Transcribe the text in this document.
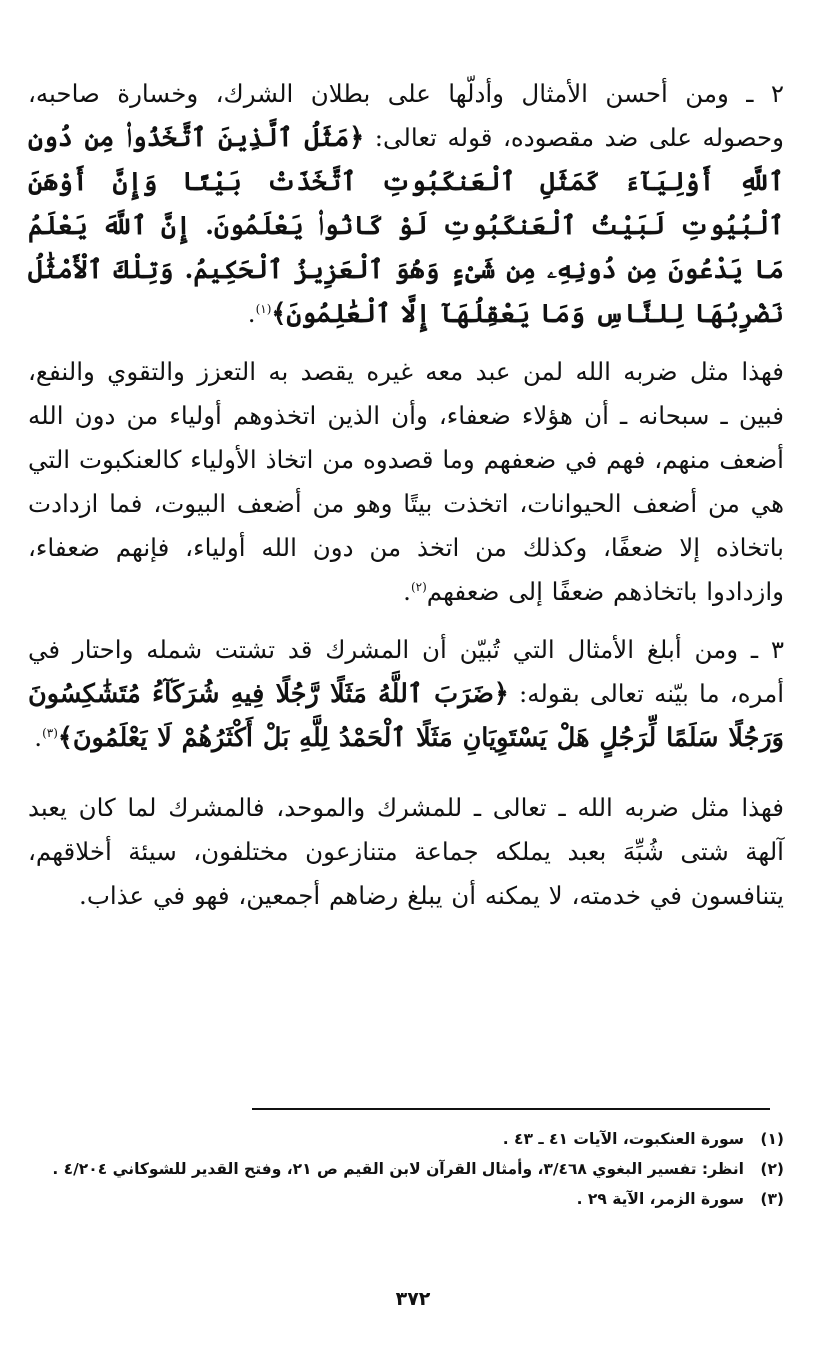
٢ ـ ومن أحسن الأمثال وأدلّها على بطلان الشرك، وخسارة صاحبه، وحصوله على ضد مقصوده، قوله تعالى: ﴿مَثَلُ ٱلَّذِينَ ٱتَّخَذُوا۟ مِن دُونِ ٱللَّهِ أَوْلِيَآءَ كَمَثَلِ ٱلْعَنكَبُوتِ ٱتَّخَذَتْ بَيْتًا وَإِنَّ أَوْهَنَ ٱلْبُيُوتِ لَبَيْتُ ٱلْعَنكَبُوتِ لَوْ كَانُوا۟ يَعْلَمُونَ. إِنَّ ٱللَّهَ يَعْلَمُ مَا يَدْعُونَ مِن دُونِهِۦ مِن شَىْءٍ وَهُوَ ٱلْعَزِيزُ ٱلْحَكِيمُ. وَتِلْكَ ٱلْأَمْثَٰلُ نَضْرِبُهَا لِلنَّاسِ وَمَا يَعْقِلُهَآ إِلَّا ٱلْعَٰلِمُونَ﴾$^{(١)}$.

فهذا مثل ضربه الله لمن عبد معه غيره يقصد به التعزز والتقوي والنفع، فبين ـ سبحانه ـ أن هؤلاء ضعفاء، وأن الذين اتخذوهم أولياء من دون الله أضعف منهم، فهم في ضعفهم وما قصدوه من اتخاذ الأولياء كالعنكبوت التي هي من أضعف الحيوانات، اتخذت بيتًا وهو من أضعف البيوت، فما ازدادت باتخاذه إلا ضعفًا، وكذلك من اتخذ من دون الله أولياء، فإنهم ضعفاء، وازدادوا باتخاذهم ضعفًا إلى ضعفهم$^{(٢)}$.

٣ ـ ومن أبلغ الأمثال التي تُبيّن أن المشرك قد تشتت شمله واحتار في أمره، ما بيّنه تعالى بقوله: ﴿ضَرَبَ ٱللَّهُ مَثَلًا رَّجُلًا فِيهِ شُرَكَآءُ مُتَشَٰكِسُونَ وَرَجُلًا سَلَمًا لِّرَجُلٍ هَلْ يَسْتَوِيَانِ مَثَلًا ٱلْحَمْدُ لِلَّهِ بَلْ أَكْثَرُهُمْ لَا يَعْلَمُونَ﴾$^{(٣)}$.

فهذا مثل ضربه الله ـ تعالى ـ للمشرك والموحد، فالمشرك لما كان يعبد آلهة شتى شُبِّهَ بعبد يملكه جماعة متنازعون مختلفون، سيئة أخلاقهم، يتنافسون في خدمته، لا يمكنه أن يبلغ رضاهم أجمعين، فهو في عذاب.

(١)
سورة العنكبوت، الآيات ٤١ ـ ٤٣ .
(٢)
انظر: تفسير البغوي ٣/٤٦٨، وأمثال القرآن لابن القيم ص ٢١، وفتح القدير للشوكاني ٤/٢٠٤ .
(٣)
سورة الزمر، الآية ٢٩ .
٣٧٢
